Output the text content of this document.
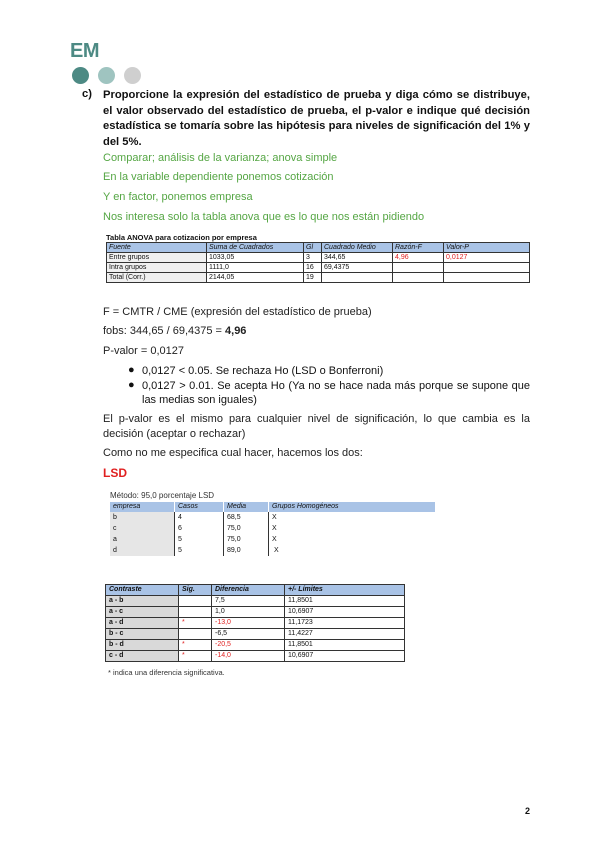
EM
c) Proporcione la expresión del estadístico de prueba y diga cómo se distribuye, el valor observado del estadístico de prueba, el p-valor e indique qué decisión estadística se tomaría sobre las hipótesis para niveles de significación del 1% y del 5%.
Comparar; análisis de la varianza; anova simple
En la variable dependiente ponemos cotización
Y en factor, ponemos empresa
Nos interesa solo la tabla anova que es lo que nos están pidiendo
Tabla ANOVA para cotizacion por empresa
Fuente	Suma de Cuadrados	Gl	Cuadrado Medio	Razón-F	Valor-P
Entre grupos	1033,05	3	344,65	4,96	0,0127
Intra grupos	1111,0	16	69,4375		
Total (Corr.)	2144,05	19			
F = CMTR / CME (expresión del estadístico de prueba)
fobs: 344,65 / 69,4375 = 4,96
P-valor = 0,0127
● 0,0127 < 0.05. Se rechaza Ho (LSD o Bonferroni)
● 0,0127 > 0.01. Se acepta Ho (Ya no se hace nada más porque se supone que las medias son iguales)
El p-valor es el mismo para cualquier nivel de significación, lo que cambia es la decisión (aceptar o rechazar)
Como no me especifica cual hacer, hacemos los dos:
LSD
Método: 95,0 porcentaje LSD
empresa	Casos	Media	Grupos Homogéneos
b	4	68,5	X
c	6	75,0	X
a	5	75,0	X
d	5	89,0	X
Contraste	Sig.	Diferencia	+/- Límites
a - b		7,5	11,8501
a - c		1,0	10,6907
a - d	*	-13,0	11,1723
b - c		-6,5	11,4227
b - d	*	-20,5	11,8501
c - d	*	-14,0	10,6907
* indica una diferencia significativa.
2
